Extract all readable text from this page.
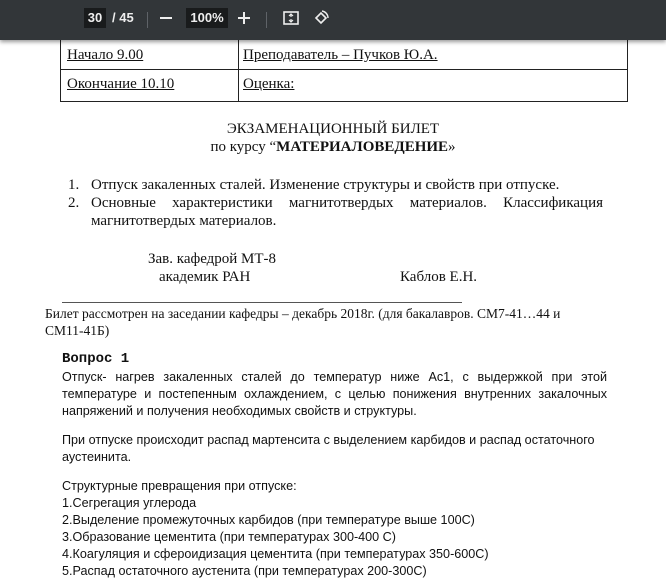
30 / 45	100%
Начало 9.00	Преподаватель – Пучков Ю.А.
Окончание 10.10	Оценка:
ЭКЗАМЕНАЦИОННЫЙ БИЛЕТ
по курсу “МАТЕРИАЛОВЕДЕНИЕ»
1. Отпуск закаленных сталей. Изменение структуры и свойств при отпуске.
2. Основные характеристики магнитотвердых материалов. Классификация
магнитотвердых материалов.
Зав. кафедрой МТ-8
академик РАН	Каблов Е.Н.
Билет рассмотрен на заседании кафедры – декабрь 2018г. (для бакалавров. СМ7-41…44 и
СМ11-41Б)
Вопрос 1
Отпуск- нагрев закаленных сталей до температур ниже Ас1, с выдержкой при этой
температуре и постепенным охлаждением, с целью понижения внутренних закалочных
напряжений и получения необходимых свойств и структуры.
При отпуске происходит распад мартенсита с выделением карбидов и распад остаточного
аустеинита.
Структурные превращения при отпуске:
1.Сегрегация углерода
2.Выделение промежуточных карбидов (при температуре выше 100С)
3.Образование цементита (при температурах 300-400 С)
4.Коагуляция и сфероидизация цементита (при температурах 350-600С)
5.Распад остаточного аустенита (при температурах 200-300С)
